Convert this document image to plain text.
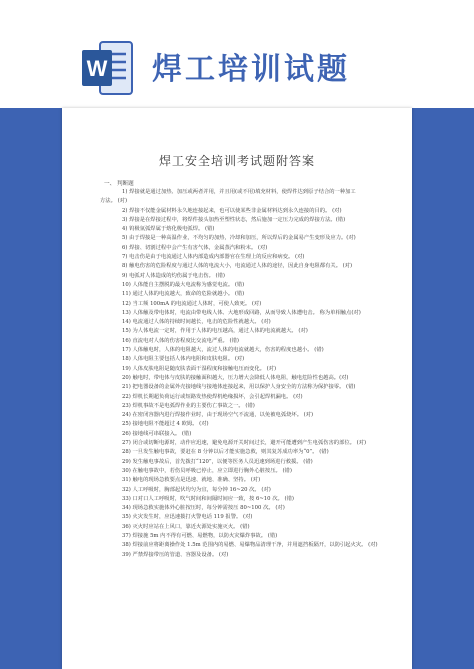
W 焊工培训试题
焊工安全培训考试题附答案
一、 判断题
1) 焊接就是通过加热、加压或两者并用，并且用(或不用)填充材料，使焊件达到原子结合的一种加工
方法。 (对)
2) 焊接不仅能金属材料永久地连接起来，也可以使某些非金属材料达到永久连接的目的。 (对)
3) 焊接是在焊接过程中，将焊件接头加热至塑性状态，然后施加一定压力完成的焊接方法。(错)
4) 钨极氩弧焊属于熔化极电弧焊。 (错)
5) 由于焊接是一种高温作业，不均匀的加热，冷却和加压，所以焊后的金属易产生变形及应力。(对)
6) 焊接、切割过程中会产生有害气体，金属蒸汽和粉末。 (对)
7) 电击伤是由于电流通过人体内部造成内部器官在生理上的反应和病变。 (对)
8) 触电伤害的危险程度与通过人体的电流大小，电流通过人体的途径，因此自身电阻都有关。 (对)
9) 电弧对人体造成的灼伤属于电击伤。 (错)
10) 人体能自主摆脱的最大电流称为感觉电流。 (错)
11) 通过人体的电流越大，致命的危险就越小。 (错)
12) 当工频 100mA 的电流通过人体时，可使人致死。 (对)
13) 人体触及带电体时，电流由带电线人体、大地形成回路，从而导致人体遭电击。 称为单相触点(对)
14) 电流通过人体的持续时间越长，电击的危险性就越大。 (对)
15) 为人体电流一定时，作用于人体的电压越高，通过人体的电流就越大。 (对)
16) 直流电对人体的伤害程度比交流电严重。 (错)
17) 人体触电时，人体的电阻越大，流过人体的电流就越大，伤害的程度也越小。 (错)
18) 人体电阻主要包括人体内电阻和皮肤电阻。 (对)
19) 人体皮肤电阻是随皮肤表面干湿程度和接触电压而变化。 (对)
20) 触电时，带电体与皮肤的接触面积越大，压力增大会降低人体电阻，触电危险性也越高。(对)
21) 把电器设备的金属外壳接地线与接地体连接起来，用以保护人身安全的方法称为保护接零。 (错)
22) 焊机长期超负荷运行或短路发热使焊机绝缘损坏，会引起焊机漏电。 (对)
23) 焊机事故不是电弧焊作业的主要伤亡事故之一。 (错)
24) 在密闭容器内进行焊接作业时，由于现场空气不流通，以免被电弧烧坏。 (对)
25) 接地电阻不能超过 4 欧姆。 (对)
26) 接地线可串联接入。 (错)
27) 闭合或切断电源时，动作应迅速，避免电源开关时间过长，避开可能遭到产生电弧伤害的部位。 (对)
28) 一旦发生触电事故，要赶在 8 分钟以后才能实施急救，则其复苏成功率为“0”。 (错)
29) 发生触电事故后，首先拨打“120”，以便等医务人员迅速到场进行救援。 (错)
30) 在触电事故中，若伤员呼吸已停止，应立即进行胸外心脏按压。 (错)
31) 触电的现场急救要点是迅速、就地、准确、坚持。 (对)
32) 人工呼吸时，胸部起伏均匀为宜，每分钟 16~20 次。 (对)
33) 口对口人工呼吸时，吹气时间和间隔时间应一致，按 6~10 次。 (错)
34) 现场急救实施体外心脏按压时，每分钟需按压 80~100 次。 (对)
35) 火灾发生时，应迅速拨打火警电话 119 报警。 (对)
36) 灭火时应站在上风口，靠近火源处实施灭火。 (错)
37) 焊接施 5m 内不得有可燃、易燃物，以防火灾爆炸事故。 (错)
38) 焊接前应将距离操作处 1.5m 范围内的易燃、易爆物品清理干净，并用遮挡板隔开，以防引起火灾。 (对)
39) 严禁焊接带压的管道、容器及设备。 (对)
